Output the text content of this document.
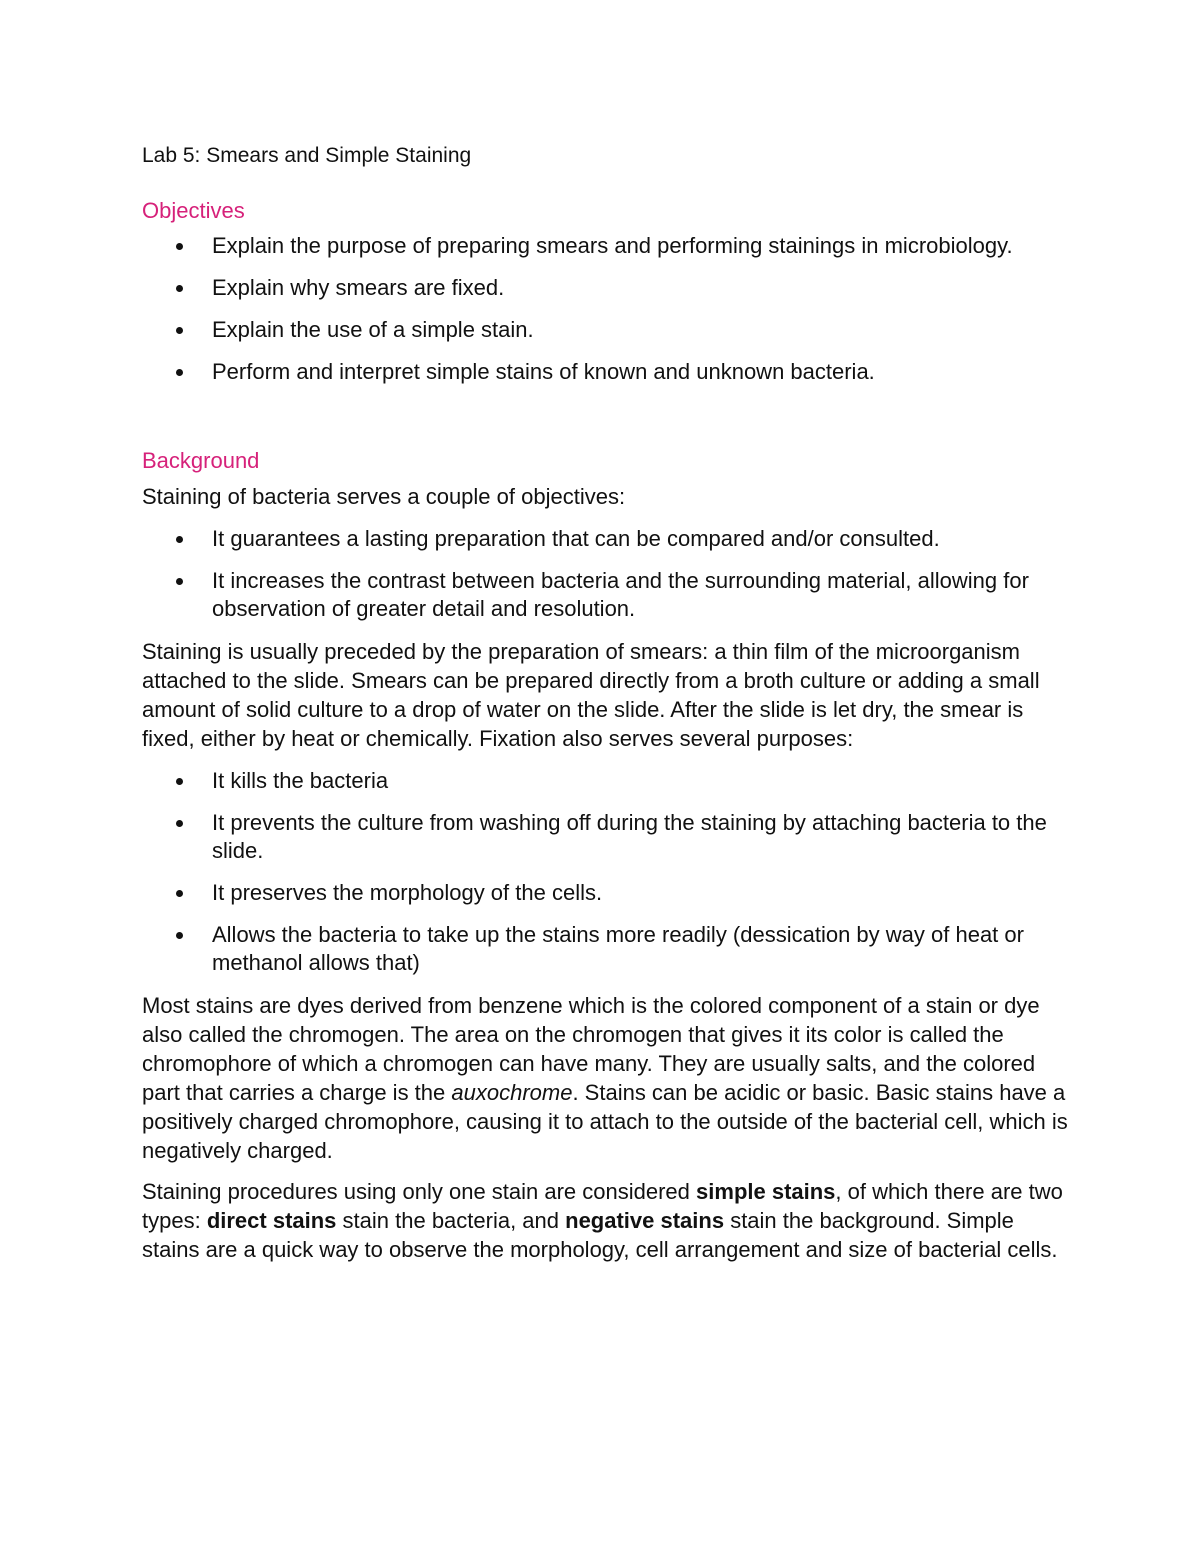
Lab 5: Smears and Simple Staining
Objectives
Explain the purpose of preparing smears and performing stainings in microbiology.
Explain why smears are fixed.
Explain the use of a simple stain.
Perform and interpret simple stains of known and unknown bacteria.
Background

Staining of bacteria serves a couple of objectives:

It guarantees a lasting preparation that can be compared and/or consulted.
It increases the contrast between bacteria and the surrounding material, allowing for observation of greater detail and resolution.

Staining is usually preceded by the preparation of smears: a thin film of the microorganism attached to the slide. Smears can be prepared directly from a broth culture or adding a small amount of solid culture to a drop of water on the slide. After the slide is let dry, the smear is fixed, either by heat or chemically. Fixation also serves several purposes:

It kills the bacteria
It prevents the culture from washing off during the staining by attaching bacteria to the slide.
It preserves the morphology of the cells.
Allows the bacteria to take up the stains more readily (dessication by way of heat or methanol allows that)

Most stains are dyes derived from benzene which is the colored component of a stain or dye also called the chromogen. The area on the chromogen that gives it its color is called the chromophore of which a chromogen can have many. They are usually salts, and the colored part that carries a charge is the auxochrome. Stains can be acidic or basic. Basic stains have a positively charged chromophore, causing it to attach to the outside of the bacterial cell, which is negatively charged.

Staining procedures using only one stain are considered simple stains, of which there are two types: direct stains stain the bacteria, and negative stains stain the background. Simple stains are a quick way to observe the morphology, cell arrangement and size of bacterial cells.
